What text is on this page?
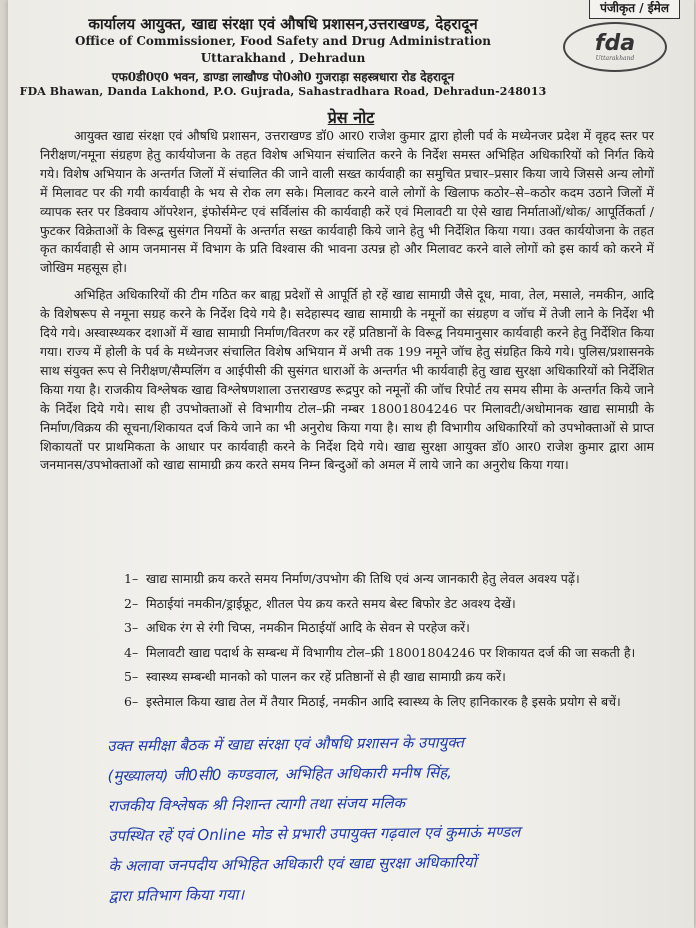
पंजीकृत / ईमेल
कार्यालय आयुक्त, खाद्य संरक्षा एवं औषधि प्रशासन,उत्तराखण्ड, देहरादून
Office of Commissioner, Food Safety and Drug Administration
Uttarakhand , Dehradun
एफ0डी0ए0 भवन, डाण्डा लाखौण्ड पो0ओ0 गुजराड़ा सहस्त्रधारा रोड देहरादून
FDA Bhawan, Danda Lakhond, P.O. Gujrada, Sahastradhara Road, Dehradun-248013
fda
Uttarakhand
प्रेस नोट

आयुक्त खाद्य संरक्षा एवं औषधि प्रशासन, उत्तराखण्ड डॉ0 आर0 राजेश कुमार द्वारा होली पर्व के मध्येनजर प्रदेश में वृहद स्तर पर निरीक्षण/नमूना संग्रहण हेतु कार्ययोजना के तहत विशेष अभियान संचालित करने के निर्देश समस्त अभिहित अधिकारियों को निर्गत किये गये। विशेष अभियान के अन्तर्गत जिलों में संचालित की जाने वाली सख्त कार्यवाही का समुचित प्रचार–प्रसार किया जाये जिससे अन्य लोगों में मिलावट पर की गयी कार्यवाही के भय से रोक लग सके। मिलावट करने वाले लोगों के खिलाफ कठोर–से–कठोर कदम उठाने जिलों में व्यापक स्तर पर डिक्वाय ऑपरेशन, इंफोर्समेन्ट एवं सर्विलांस की कार्यवाही करें एवं मिलावटी या ऐसे खाद्य निर्माताओं/थोक/ आपूर्तिकर्ता /फुटकर विक्रेताओं के विरूद्व सुसंगत नियमों के अन्तर्गत सख्त कार्यवाही किये जाने हेतु भी निर्देशित किया गया। उक्त कार्ययोजना के तहत कृत कार्यवाही से आम जनमानस में विभाग के प्रति विश्वास की भावना उत्पन्न हो और मिलावट करने वाले लोगों को इस कार्य को करने में जोखिम महसूस हो।

अभिहित अधिकारियों की टीम गठित कर बाह्य प्रदेशों से आपूर्ति हो रहें खाद्य सामाग्री जैसे दूध, मावा, तेल, मसाले, नमकीन, आदि के विशेषरूप से नमूना सग्रह करने के निर्देश दिये गये है। सदेहास्पद खाद्य सामाग्री के नमूनों का संग्रहण व जॉच में तेजी लाने के निर्देश भी दिये गये। अस्वास्थ्यकर दशाओं में खाद्य सामाग्री निर्माण/वितरण कर रहें प्रतिष्ठानों के विरूद्व नियमानुसार कार्यवाही करने हेतु निर्देशित किया गया। राज्य में होली के पर्व के मध्येनजर संचालित विशेष अभियान में अभी तक 199 नमूने जॉच हेतु संग्रहित किये गये। पुलिस/प्रशासनके साथ संयुक्त रूप से निरीक्षण/सैम्पलिंग व आईपीसी की सुसंगत धाराओं के अन्तर्गत भी कार्यवाही हेतु खाद्य सुरक्षा अधिकारियों को निर्देशित किया गया है। राजकीय विश्लेषक खाद्य विश्लेषणशाला उत्तराखण्ड रूद्रपुर को नमूनों की जॉच रिपोर्ट तय समय सीमा के अन्तर्गत किये जाने के निर्देश दिये गये। साथ ही उपभोक्ताओं से विभागीय टोल–फ्री नम्बर 18001804246 पर मिलावटी/अधोमानक खाद्य सामाग्री के निर्माण/विक्रय की सूचना/शिकायत दर्ज किये जाने का भी अनुरोध किया गया है। साथ ही विभागीय अधिकारियों को उपभोक्ताओं से प्राप्त शिकायतों पर प्राथमिकता के आधार पर कार्यवाही करने के निर्देश दिये गये। खाद्य सुरक्षा आयुक्त डॉ0 आर0 राजेश कुमार द्वारा आम जनमानस/उपभोक्ताओं को खाद्य सामाग्री क्रय करते समय निम्न बिन्दुओं को अमल में लाये जाने का अनुरोध किया गया।

1– खाद्य सामाग्री क्रय करते समय निर्माण/उपभोग की तिथि एवं अन्य जानकारी हेतु लेवल अवश्य पढ़ें।
2– मिठाईयां नमकीन/ड्राईफ्रूट, शीतल पेय क्रय करते समय बेस्ट बिफोर डेट अवश्य देखें।
3– अधिक रंग से रंगी चिप्स, नमकीन मिठाईयॉ आदि के सेवन से परहेज करें।
4– मिलावटी खाद्य पदार्थ के सम्बन्ध में विभागीय टोल–फ्री 18001804246 पर शिकायत दर्ज की जा सकती है।
5– स्वास्थ्य सम्बन्धी मानको को पालन कर रहें प्रतिष्ठानों से ही खाद्य सामाग्री क्रय करें।
6– इस्तेमाल किया खाद्य तेल में तैयार मिठाई, नमकीन आदि स्वास्थ्य के लिए हानिकारक है इसके प्रयोग से बचें।
उक्त समीक्षा बैठक में खाद्य संरक्षा एवं औषधि प्रशासन के उपायुक्त
(मुख्यालय) जी0सी0 कण्डवाल, अभिहित अधिकारी मनीष सिंह,
राजकीय विश्लेषक श्री निशान्त त्यागी तथा संजय मलिक
उपस्थित रहें एवं Online मोड से प्रभारी उपायुक्त गढ़वाल एवं कुमाऊं मण्डल
के अलावा जनपदीय अभिहित अधिकारी एवं खाद्य सुरक्षा अधिकारियों
द्वारा प्रतिभाग किया गया।
